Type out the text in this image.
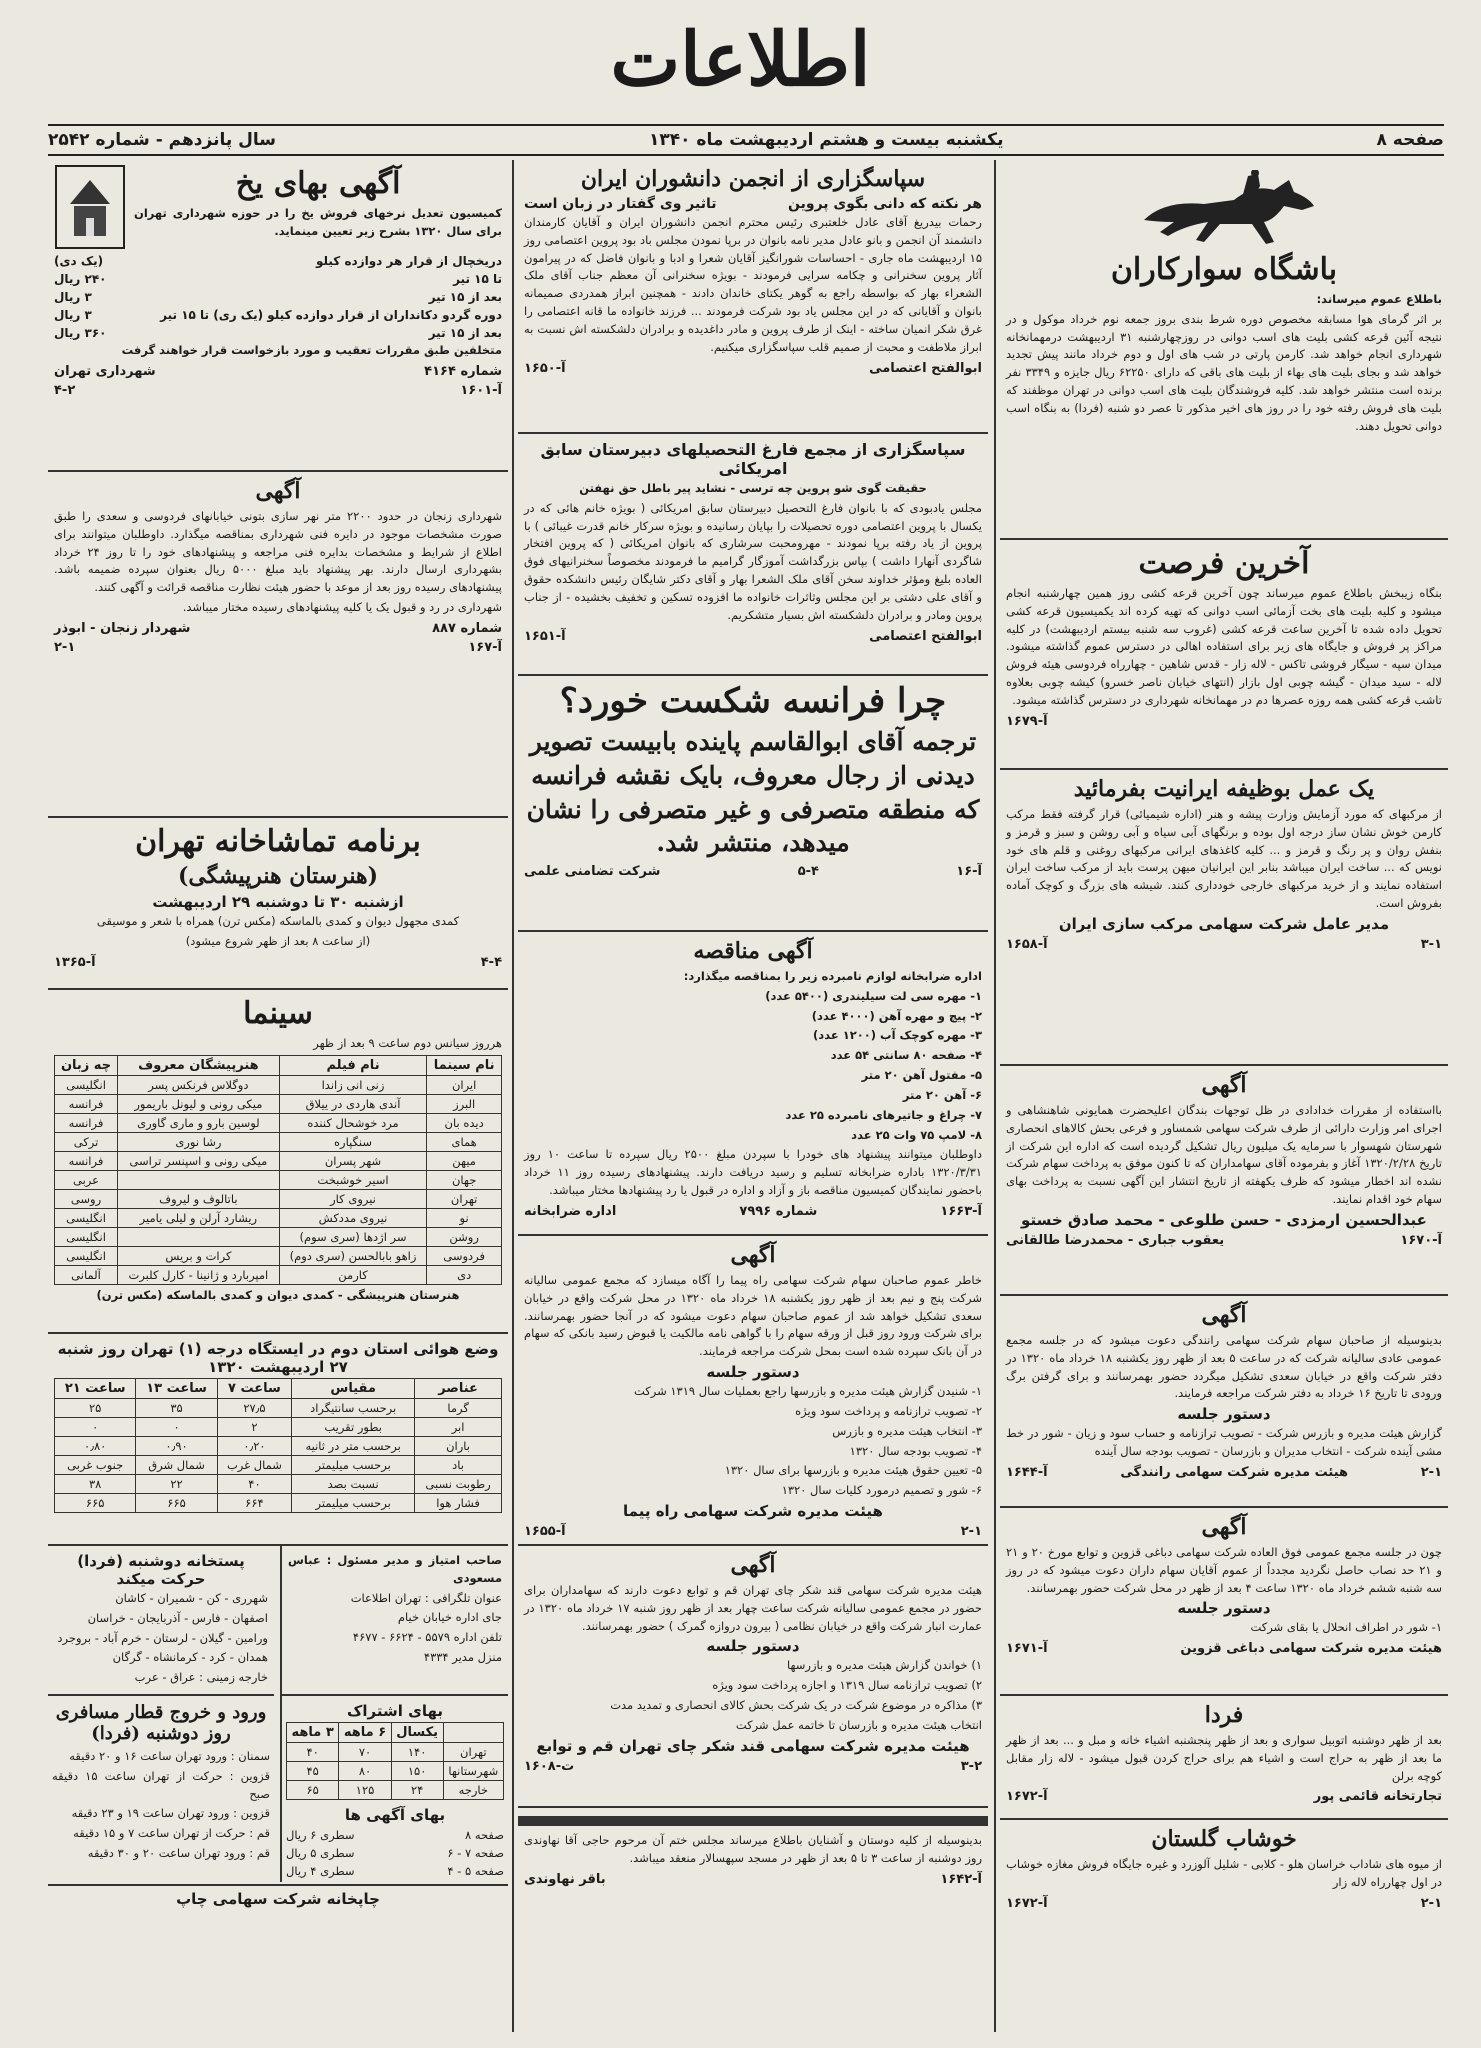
اطلاعات
صفحه ۸
یکشنبه بیست و هشتم اردیبهشت ماه ۱۳۴۰
سال پانزدهم - شماره ۲۵۴۲
باشگاه سوارکاران
باطلاع عموم میرساند:
بر اثر گرمای هوا مسابقه مخصوص دوره شرط بندی بروز جمعه نوم خرداد موکول و در نتیجه آئین قرعه کشی بلیت های اسب دوانی در روزچهارشنبه ۳۱ اردیبهشت درمهمانخانه شهرداری انجام خواهد شد. کارمن پارتی در شب های اول و دوم خرداد مانند پیش تجدید خواهد شد و بجای بلیت های بهاء از بلیت های باقی که دارای ۶۲۲۵۰ ریال جایزه و ۳۳۴۹ نفر برنده است منتشر خواهد شد. کلیه فروشندگان بلیت های اسب دوانی در تهران موظفند که بلیت های فروش رفته خود را در روز های اخیر مذکور تا عصر دو شنبه (فردا) به بنگاه اسب دوانی تحویل دهند.
آخرین فرصت
بنگاه زیبخش باطلاع عموم میرساند چون آخرین قرعه کشی روز همین چهارشنبه انجام میشود و کلیه بلیت های بخت آزمائی اسب دوانی که تهیه کرده اند یکمیسیون قرعه کشی تحویل داده شده تا آخرین ساعت قرعه کشی (غروب سه شنبه بیستم اردیبهشت) در کلیه مراکز پر فروش و جایگاه های زیر برای استفاده اهالی در دسترس عموم گذاشته میشود. میدان سپه - سیگار فروشی تاکس - لاله زار - قدس شاهین - چهارراه فردوسی هیئه فروش لاله - سید میدان - گیشه چوبی اول بازار (انتهای خیابان ناصر خسرو) کیشه چوبی بعلاوه تاشب قرعه کشی همه روزه عصرها دم در مهمانخانه شهرداری در دسترس گذاشته میشود.
آ-۱۶۷۹
یک عمل بوظیفه ایرانیت بفرمائید
از مرکبهای که مورد آزمایش وزارت پیشه و هنر (اداره شیمیائی) قرار گرفته فقط مرکب کارمن خوش نشان ساز درجه اول بوده و برنگهای آبی سیاه و آبی روشن و سبز و قرمز و بنفش روان و پر رنگ و قرمز و ... کلیه کاغذهای ایرانی مرکبهای روغنی و قلم های خود نویس که ... ساخت ایران میباشد بنابر این ایرانیان میهن پرست باید از مرکب ساخت ایران استفاده نمایند و از خرید مرکبهای خارجی خودداری کنند. شیشه های بزرگ و کوچک آماده بفروش است.
مدیر عامل شرکت سهامی مرکب سازی ایران
۳-۱
آ-۱۶۵۸
آگهی
بااستفاده از مقررات خدادادی در ظل توجهات بندگان اعلیحضرت همایونی شاهنشاهی و اجرای امر وزارت دارائی از طرف شرکت سهامی شمساور و فرعی بحش کالاهای انحصاری شهرستان شهسوار با سرمایه یک میلیون ریال تشکیل گردیده است که اداره این شرکت از تاریخ ۱۳۲۰/۲/۲۸ آغاز و بفرموده آقای سهامداران که تا کنون موفق به پرداخت سهام شرکت نشده اند اخطار میشود که ظرف یکهفته از تاریخ انتشار این آگهی نسبت به پرداخت بهای سهام خود اقدام نمایند.
عبدالحسین ارمزدی - حسن طلوعی - محمد صادق خستو
آ-۱۶۷۰
یعقوب جباری - محمدرضا طالقانی
آگهی
بدینوسیله از صاحبان سهام شرکت سهامی رانندگی دعوت میشود که در جلسه مجمع عمومی عادی سالیانه شرکت که در ساعت ۵ بعد از ظهر روز یکشنبه ۱۸ خرداد ماه ۱۳۲۰ در دفتر شرکت واقع در خیابان سعدی تشکیل میگردد حضور بهمرسانند و برای گرفتن برگ ورودی تا تاریخ ۱۶ خرداد به دفتر شرکت مراجعه فرمایند.
دستور جلسه
گزارش هیئت مدیره و بازرس شرکت - تصویب ترازنامه و حساب سود و زیان - شور در خط مشی آینده شرکت - انتخاب مدیران و بازرسان - تصویب بودجه سال آینده
۲-۱
هیئت مدیره شرکت سهامی رانندگی
آ-۱۶۴۴
آگهی
چون در جلسه مجمع عمومی فوق العاده شرکت سهامی دباغی قزوین و توابع مورخ ۲۰ و ۲۱ و ۲۱ حد نصاب حاصل نگردید مجدداً از عموم آقایان سهام داران دعوت میشود که در روز سه شنبه ششم خرداد ماه ۱۳۲۰ ساعت ۴ بعد از ظهر در محل شرکت حضور بهمرسانند.
دستور جلسه
۱- شور در اطراف انحلال یا بقای شرکت
هیئت مدیره شرکت سهامی دباغی قزوین
آ-۱۶۷۱
فردا
بعد از ظهر دوشنبه اتوبیل سواری و بعد از ظهر پنجشنبه اشیاء خانه و مبل و ... بعد از ظهر ما بعد از ظهر به حراج است و اشیاء هم برای حراج کردن قبول میشود - لاله زار مقابل کوچه برلن
تجارتخانه قائمی پور
آ-۱۶۷۲
خوشاب گلستان
از میوه های شاداب خراسان هلو - کلابی - شلیل آلوزرد و غیره جایگاه فروش مغازه خوشاب در اول چهارراه لاله زار
۲-۱
آ-۱۶۷۲
سپاسگزاری از انجمن دانشوران ایران
هر نکته که دانی بگوی پروین
تاثیر وی گفتار در زبان است
رحمات بیدریغ آقای عادل خلعتبری رئیس محترم انجمن دانشوران ایران و آقایان کارمندان دانشمند آن انجمن و بانو عادل مدیر نامه بانوان در برپا نمودن مجلس باد بود پروین اعتصامی روز ۱۵ اردیبهشت ماه جاری - احساسات شورانگیز آقایان شعرا و ادبا و بانوان فاضل که در پیرامون آثار پروین سخنرانی و چکامه سرایی فرمودند - بویژه سخنرانی آن معظم جناب آقای ملک الشعراء بهار که بواسطه راجع به گوهر یکتای خاندان دادند - همچنین ابراز همدردی صمیمانه بانوان و آقایانی که در این مجلس یاد بود شرکت فرمودند ... فرزند خانواده ما قانه اعتصامی را غرق شکر انمیان ساخته - اینک از طرف پروین و مادر داغدیده و برادران دلشکسته اش نسبت به ابراز ملاطفت و محبت از صمیم قلب سپاسگزاری میکنیم.
ابوالفتح اعتصامی
آ-۱۶۵۰
سپاسگزاری از مجمع فارغ التحصیلهای دبیرستان سابق امریکائی
حقیقت گوی شو پروین چه ترسی - نشاید پیر باطل حق نهفتن
مجلس یادبودی که با بانوان فارغ التحصیل دبیرستان سابق امریکائی ( بویژه خانم هائی که در یکسال با پروین اعتصامی دوره تحصیلات را بپایان رسانیده و بویژه سرکار خانم قدرت غیبائی ) با پروین از یاد رفته برپا نمودند - مهرومحبت سرشاری که بانوان امریکائی ( که پروین افتخار شاگردی آنهارا داشت ) بپاس بزرگداشت آموزگار گرامیم ما فرمودند مخصوصاً سخنرانیهای فوق العاده بلیغ ومؤثر خداوند سخن آقای ملک الشعرا بهار و آقای دکتر شایگان رئیس دانشکده حقوق و آقای علی دشتی بر این مجلس وثاثرات خانواده ما افزوده تسکین و تخفیف بخشیده - از جناب پروین ومادر و برادران دلشکسته اش بسیار متشکریم.
ابوالفتح اعتصامی
آ-۱۶۵۱
چرا فرانسه شکست خورد؟
ترجمه آقای ابوالقاسم پاینده بابیست تصویر دیدنی از رجال معروف، بایک نقشه فرانسه که منطقه متصرفی و غیر متصرفی را نشان میدهد، منتشر شد.
آ-۱۶
۵-۴
شرکت تضامنی علمی
آگهی مناقصه
اداره ضرابخانه لوازم نامبرده زیر را بمناقصه میگذارد:
۱- مهره سی لت سیلیندری (۵۴۰۰ عدد)
۲- پیچ و مهره آهن (۴۰۰۰ عدد)
۳- مهره کوچک آب (۱۲۰۰ عدد)
۴- صفحه ۸۰ سانتی ۵۴ عدد
۵- مفتول آهن ۲۰ متر
۶- آهن ۲۰ متر
۷- چراغ و جاتیرهای نامبرده ۲۵ عدد
۸- لامپ ۷۵ وات ۲۵ عدد
داوطلبان میتوانند پیشنهاد های خودرا با سپردن مبلغ ۲۵۰۰ ریال سپرده تا ساعت ۱۰ روز ۱۳۲۰/۳/۳۱ باداره ضرابخانه تسلیم و رسید دریافت دارند. پیشنهادهای رسیده روز ۱۱ خرداد باحضور نمایندگان کمیسیون مناقصه باز و آزاد و اداره در قبول یا رد پیشنهادها مختار میباشد.
آ-۱۶۶۳
شماره ۷۹۹۶
اداره ضرابخانه
آگهی
خاطر عموم صاحبان سهام شرکت سهامی راه پیما را آگاه میسازد که مجمع عمومی سالیانه شرکت پنج و نیم بعد از ظهر روز یکشنبه ۱۸ خرداد ماه ۱۳۲۰ در محل شرکت واقع در خیابان سعدی تشکیل خواهد شد از عموم صاحبان سهام دعوت میشود که در آنجا حضور بهمرسانند. برای شرکت ورود روز قبل از ورقه سهام را با گواهی نامه مالکیت یا قبوض رسید بانکی که سهام در آن بانک سپرده شده است بمحل شرکت مراجعه فرمایند.
دستور جلسه
۱- شنیدن گزارش هیئت مدیره و بازرسها راجع بعملیات سال ۱۳۱۹ شرکت
۲- تصویب ترازنامه و پرداخت سود ویژه
۳- انتخاب هیئت مدیره و بازرس
۴- تصویب بودجه سال ۱۳۲۰
۵- تعیین حقوق هیئت مدیره و بازرسها برای سال ۱۳۲۰
۶- شور و تصمیم درمورد کلیات سال ۱۳۲۰
هیئت مدیره شرکت سهامی راه پیما
۲-۱
آ-۱۶۵۵
آگهی
هیئت مدیره شرکت سهامی قند شکر چای تهران قم و توابع دعوت دارند که سهامداران برای حضور در مجمع عمومی سالیانه شرکت ساعت چهار بعد از ظهر روز شنبه ۱۷ خرداد ماه ۱۳۲۰ در عمارت انبار شرکت واقع در خیابان نظامی ( بیرون دروازه گمرک ) حضور بهمرسانند.
دستور جلسه
۱) خواندن گزارش هیئت مدیره و بازرسها
۲) تصویب ترازنامه سال ۱۳۱۹ و اجازه پرداخت سود ویژه
۳) مذاکره در موضوع شرکت در یک شرکت بحش کالای انحصاری و تمدید مدت
انتخاب هیئت مدیره و بازرسان تا خاتمه عمل شرکت
هیئت مدیره شرکت سهامی قند شکر چای تهران قم و توابع
۳-۲
ت-۱۶۰۸
بدینوسیله از کلیه دوستان و آشنایان باطلاع میرساند مجلس ختم آن مرحوم حاجی آقا نهاوندی روز دوشنبه از ساعت ۳ تا ۵ بعد از ظهر در مسجد سپهسالار منعقد میباشد.
آ-۱۶۴۲
باقر نهاوندی
آگهی بهای یخ
کمیسیون تعدیل نرخهای فروش یخ را در حوزه شهرداری تهران برای سال ۱۳۲۰ بشرح زیر تعیین مینماید.
دریخچال از قرار هر دوازده کیلو
(یک دی)
تا ۱۵ تیر
۲۴۰ ریال
بعد از ۱۵ تیر
۳ ریال
دوره گردو دکانداران از قرار دوازده کیلو (یک ری) تا ۱۵ تیر
۳ ریال
بعد از ۱۵ تیر
۳۶۰ ریال
متخلفین طبق مقررات تعقیب و مورد بازخواست قرار خواهند گرفت
شماره ۴۱۶۴
شهرداری تهران
آ-۱۶۰۱
۴-۲
آگهی
شهرداری زنجان در حدود ۲۲۰۰ متر نهر سازی بتونی خیابانهای فردوسی و سعدی را طبق صورت مشخصات موجود در دایره فنی شهرداری بمناقصه میگذارد. داوطلبان میتوانند برای اطلاع از شرایط و مشخصات بدایره فنی مراجعه و پیشنهادهای خود را تا روز ۲۴ خرداد بشهرداری ارسال دارند. بهر پیشنهاد باید مبلغ ۵۰۰۰ ریال بعنوان سپرده ضمیمه باشد. پیشنهادهای رسیده روز بعد از موعد با حضور هیئت نظارت مناقصه قرائت و آگهی کنند.
شهرداری در رد و قبول یک یا کلیه پیشنهادهای رسیده مختار میباشد.
شماره ۸۸۷
شهردار زنجان - ابوذر
آ-۱۶۷
۲-۱
برنامه تماشاخانه تهران
(هنرستان هنرپیشگی)
ازشنبه ۳۰ تا دوشنبه ۲۹ اردیبهشت
کمدی مجهول دیوان و کمدی بالماسکه (مکس ترن) همراه با شعر و موسیقی
(از ساعت ۸ بعد از ظهر شروع میشود)
۴-۴
آ-۱۳۶۵
سینما
هرروز سیانس دوم ساعت ۹ بعد از ظهر
نام سینما	نام فیلم	هنرپیشگان معروف	چه زبان
ایران	زنی انی زاندا	دوگلاس فرنکس پسر	انگلیسی
البرز	آندی هاردی در ییلاق	میکی رونی و لیونل باریمور	فرانسه
دیده بان	مرد خوشحال کننده	لوسین بارو و ماری گاوری	فرانسه
همای	سنگپاره	رشا نوری	ترکی
میهن	شهر پسران	میکی رونی و اسپنسر تراسی	فرانسه
جهان	اسیر خوشبخت		عربی
تهران	نیروی کار	باتالوف و لیروف	روسی
نو	نیروی مددکش	ریشارد آرلن و لیلی یامیر	انگلیسی
روشن	سر اژدها (سری سوم)		انگلیسی
فردوسی	زاهو بابالحسن (سری دوم)	کرات و بریس	انگلیسی
دی	کارمن	امپربارد و ژانینا - کارل کلبرت	آلمانی
هنرستان هنرپیشگی - کمدی دیوان و کمدی بالماسکه (مکس ترن)
وضع هوائی استان دوم در ایستگاه درجه (۱) تهران روز شنبه ۲۷ اردیبهشت ۱۳۲۰
عناصر	مقیاس	ساعت ۷	ساعت ۱۳	ساعت ۲۱
گرما	برحسب سانتیگراد	۲۷٫۵	۳۵	۲۵
ابر	بطور تقریب	۲	۰	۰
باران	برحسب متر در ثانیه	۰٫۲۰	۰٫۹۰	۰٫۸۰
باد	برحسب میلیمتر	شمال غرب	شمال شرق	جنوب غربی
رطوبت نسبی	نسبت بصد	۴۰	۲۲	۳۸
فشار هوا	برحسب میلیمتر	۶۶۴	۶۶۵	۶۶۵
صاحب امتیاز و مدیر مسئول : عباس مسعودی
عنوان تلگرافی : تهران اطلاعات
جای اداره خیابان خیام
تلفن اداره ۵۵۷۹ - ۶۶۲۴ - ۴۶۷۷
منزل مدیر ۴۳۳۴
پستخانه دوشنبه (فردا) حرکت میکند
شهرری - کن - شمیران - کاشان
اصفهان - فارس - آذربایجان - خراسان
ورامین - گیلان - لرستان - خرم آباد - بروجرد
همدان - کرد - کرمانشاه - گرگان
خارجه زمینی : عراق - عرب
بهای اشتراک
	یکسال	۶ ماهه	۳ ماهه
تهران	۱۴۰	۷۰	۴۰
شهرستانها	۱۵۰	۸۰	۴۵
خارجه	۲۴	۱۲۵	۶۵
بهای آگهی ها
صفحه ۸
سطری ۶ ریال
صفحه ۷ - ۶
سطری ۵ ریال
صفحه ۵ - ۴
سطری ۴ ریال
ورود و خروج قطار مسافری روز دوشنبه (فردا)
سمنان : ورود تهران ساعت ۱۶ و ۲۰ دقیقه
قزوین : حرکت از تهران ساعت ۱۵ دقیقه صبح
قزوین : ورود تهران ساعت ۱۹ و ۲۳ دقیقه
قم : حرکت از تهران ساعت ۷ و ۱۵ دقیقه
قم : ورود تهران ساعت ۲۰ و ۳۰ دقیقه
چاپخانه شرکت سهامی چاپ
